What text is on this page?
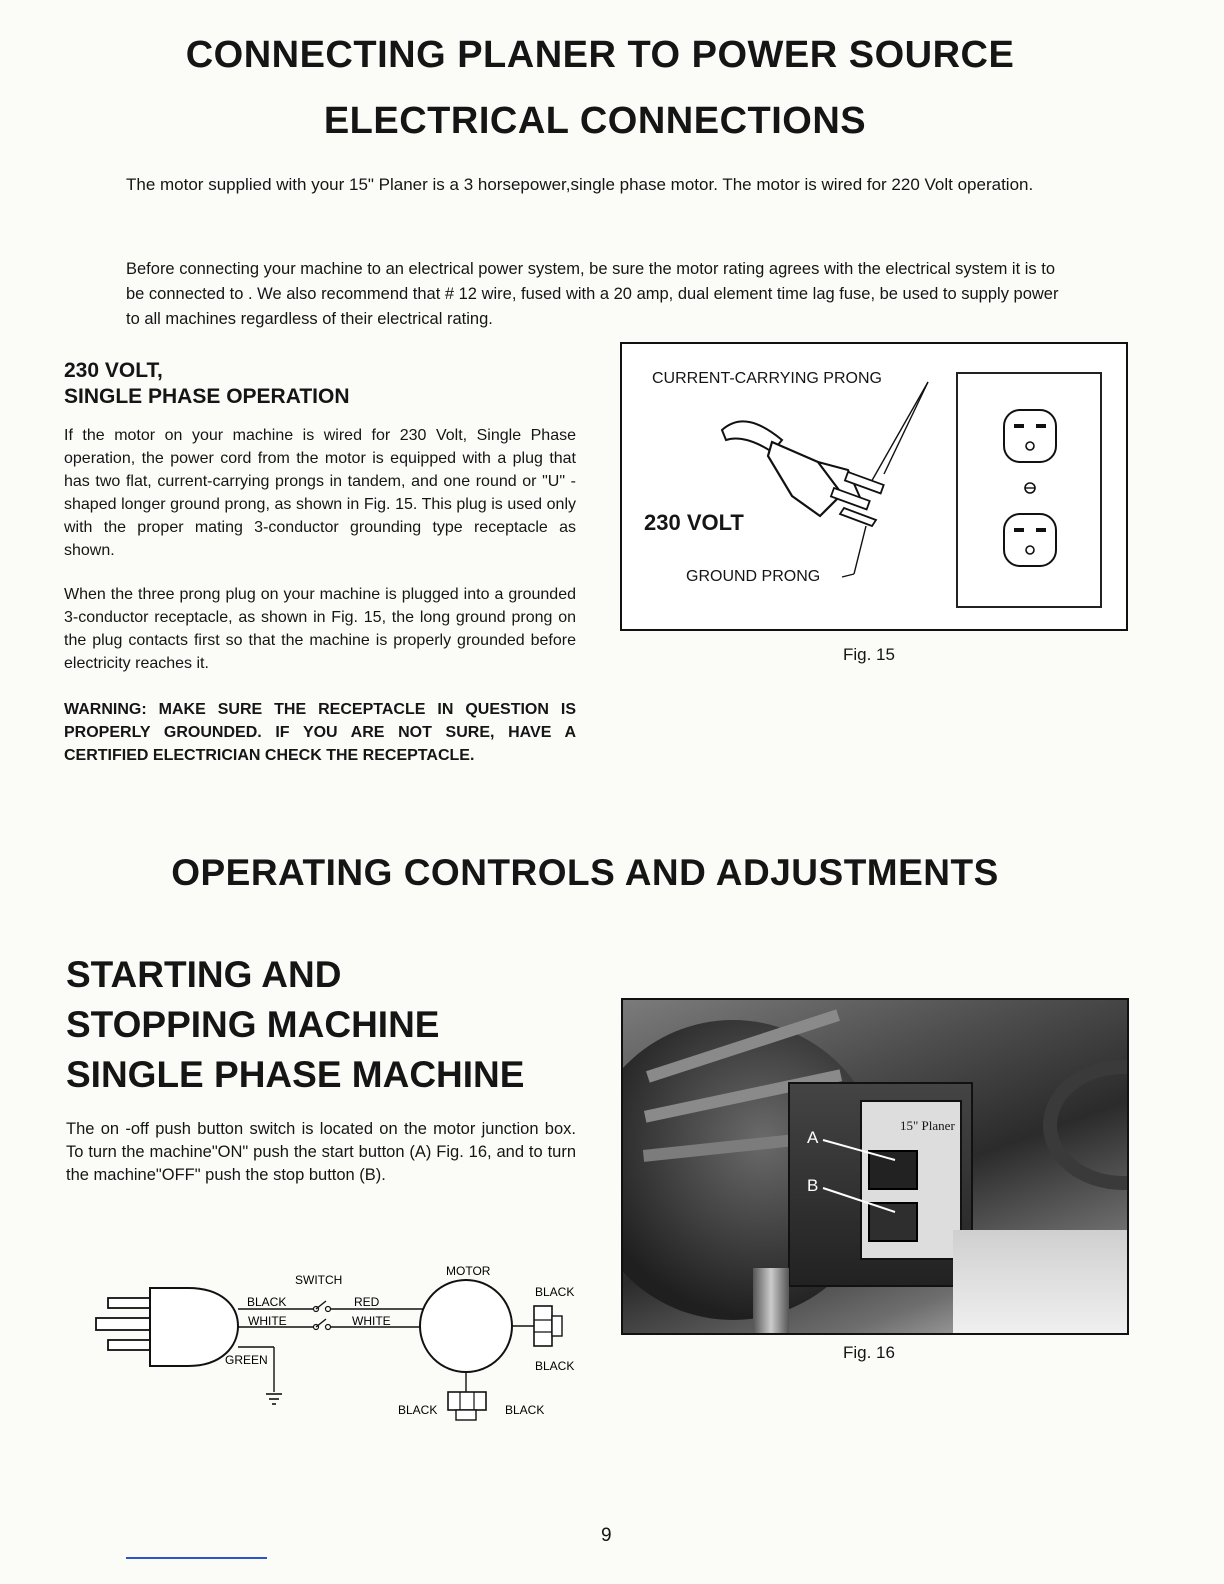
CONNECTING PLANER TO POWER SOURCE
ELECTRICAL CONNECTIONS

The motor supplied with your 15" Planer is a 3 horsepower,single phase motor. The motor is wired for 220 Volt operation.

Before connecting your machine to an electrical power system, be sure the motor rating agrees with the electrical system it is to be connected to . We also recommend that # 12 wire, fused with a 20 amp, dual element time lag fuse, be used to supply power to all machines regardless of their electrical rating.

230 VOLT,

SINGLE PHASE OPERATION

If the motor on your machine is wired for 230 Volt, Single Phase operation, the power cord from the motor is equipped with a plug that has two flat, current-carrying prongs in tandem, and one round or "U" -shaped longer ground prong, as shown in Fig. 15. This plug is used only with the proper mating 3-conductor grounding type receptacle as shown.

When the three prong plug on your machine is plugged into a grounded 3-conductor receptacle, as shown in Fig. 15, the long ground prong on the plug contacts first so that the machine is properly grounded before electricity reaches it.

WARNING: MAKE SURE THE RECEPTACLE IN QUESTION IS PROPERLY GROUNDED. IF YOU ARE NOT SURE, HAVE A CERTIFIED ELECTRICIAN CHECK THE RECEPTACLE.

CURRENT-CARRYING PRONG
230 VOLT
GROUND PRONG
Fig. 15
OPERATING CONTROLS AND ADJUSTMENTS

STARTING AND

STOPPING MACHINE

SINGLE PHASE MACHINE

The on -off push button switch is located on the motor junction box. To turn the machine"ON" push the start button (A) Fig. 16, and to turn the machine"OFF" push the stop button (B).

SWITCH
MOTOR
BLACK	RED
WHITE	WHITE
GREEN
BLACK
BLACK
BLACK	BLACK
15" Planer
A
B
Fig. 16
9
